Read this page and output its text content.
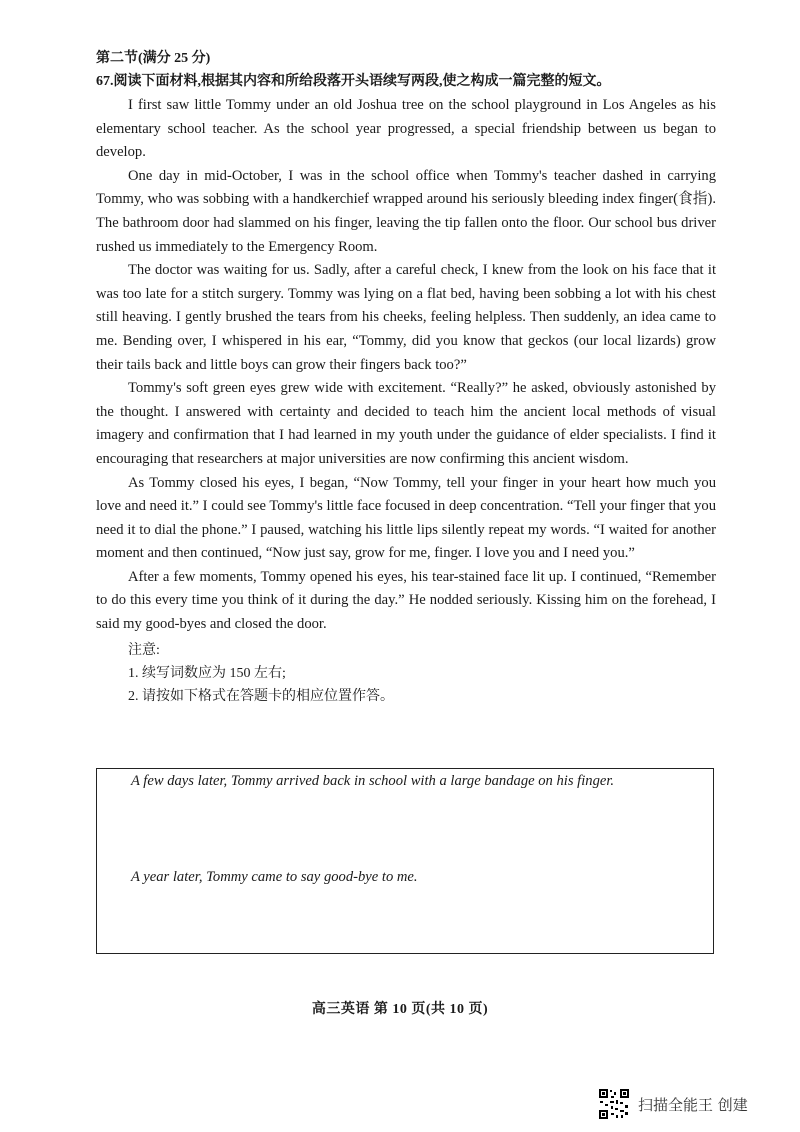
第二节(满分 25 分)

67.阅读下面材料,根据其内容和所给段落开头语续写两段,使之构成一篇完整的短文。

I first saw little Tommy under an old Joshua tree on the school playground in Los Angeles as his elementary school teacher. As the school year progressed, a special friendship between us began to develop.

One day in mid-October, I was in the school office when Tommy's teacher dashed in carrying Tommy, who was sobbing with a handkerchief wrapped around his seriously bleeding index finger(食指). The bathroom door had slammed on his finger, leaving the tip fallen onto the floor. Our school bus driver rushed us immediately to the Emergency Room.

The doctor was waiting for us. Sadly, after a careful check, I knew from the look on his face that it was too late for a stitch surgery. Tommy was lying on a flat bed, having been sobbing a lot with his chest still heaving. I gently brushed the tears from his cheeks, feeling helpless. Then suddenly, an idea came to me. Bending over, I whispered in his ear, “Tommy, did you know that geckos (our local lizards) grow their tails back and little boys can grow their fingers back too?”

Tommy's soft green eyes grew wide with excitement. “Really?” he asked, obviously astonished by the thought. I answered with certainty and decided to teach him the ancient local methods of visual imagery and confirmation that I had learned in my youth under the guidance of elder specialists. I find it encouraging that researchers at major universities are now confirming this ancient wisdom.

As Tommy closed his eyes, I began, “Now Tommy, tell your finger in your heart how much you love and need it.” I could see Tommy's little face focused in deep concentration. “Tell your finger that you need it to dial the phone.” I paused, watching his little lips silently repeat my words. “I waited for another moment and then continued, “Now just say, grow for me, finger. I love you and I need you.”

After a few moments, Tommy opened his eyes, his tear-stained face lit up. I continued, “Remember to do this every time you think of it during the day.” He nodded seriously. Kissing him on the forehead, I said my good-byes and closed the door.

注意:

1. 续写词数应为 150 左右;

2. 请按如下格式在答题卡的相应位置作答。

A few days later, Tommy arrived back in school with a large bandage on his finger.

A year later, Tommy came to say good-bye to me.

高三英语 第 10 页(共 10 页)
扫描全能王 创建
